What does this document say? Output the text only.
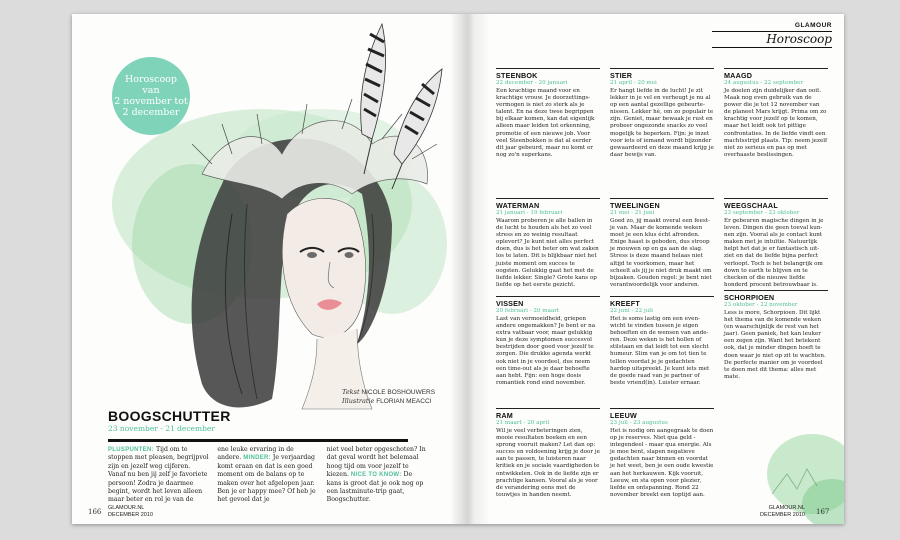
Horoscoop
van
2 november tot
2 december
Tekst NICOLE BOSHOUWERS
Illustratie FLORIAN MEACCI
BOOGSCHUTTER
23 november - 21 december
PLUSPUNTEN: Tijd om te stoppen met pleasen, begrijpvol zijn en jezelf weg cijferen. Vanaf nu ben jij zelf je favoriete persoon! Zodra je daarmee begint, wordt het leven alleen maar beter en rol je van de
ene leuke ervaring in de andere. MINDER: Je verjaardag komt eraan en dat is een goed moment om de balans op te maken over het afgelopen jaar. Ben je er happy mee? Of heb je het gevoel dat je
niet veel beter opgeschoten? In dat geval wordt het belemaal hoog tijd om voor jezelf te kiezen. NICE TO KNOW: De kans is groot dat je ook nog op een lastminute-trip gaat, Boogschutter.
166 GLAMOUR.NL
DECEMBER 2010
GLAMOUR
Horoscoop
STEENBOK
22 december - 20 januari

Een krachtige maand voor en krachtige vrouw. Je doorzettings-vermogen is niet zo sterk als je talent. En na deze twee begrippen bij elkaar komen, kan dat eigenlijk alleen maar leiden tot erkenning, promotie of een nieuwe job. Voor veel Steenbokken is dat al eerder dit jaar gebeurd, maar nu komt er nog zo'n superkans.

STIER
21 april - 20 mei

Er hangt liefde in de lucht! Je zit lekker in je vel en verheugt je nu al op een aantal gezellige gebeurte-nissen. Lekker hè, om zo populair te zijn. Geniet, maar bewaak je rust en probeer ongezonde snacks zo veel mogelijk te beperken. Fijn: je inzet voor iets of iemand wordt bijzonder gewaardeerd en deze maand krijg je daar bewijs van.

MAAGD
24 augustus - 22 september

Je doelen zijn duidelijker dan ooit. Maak nog even gebruik van de power die je tot 12 november van de planeet Mars krijgt. Prima om zo krachtig voor jezelf op te komen, maar het leidt ook tot pittige confrontaties. In de liefde vindt een machtsstrijd plaats. Tip: neem jezelf niet zo serieus en pas op met overhaaste beslissingen.

WATERMAN
21 januari - 19 februari

Waarom proberen je alle ballen in de lucht te houden als het zo veel stress en zo weinig resultaat oplevert? Je kunt niet alles perfect doen, dus is het beter om wat zaken los te laten. Dit is blijkbaar niet het juiste moment om succes te oogsten. Gelukkig gaat het met de liefde lekker. Single? Grote kans op liefde op het eerste gezicht.

TWEELINGEN
21 mei - 21 juni

Goed zo, jij maakt overal een feest-je van. Maar de komende weken moet je een klus écht afronden. Enige haast is geboden, dus stroop je mouwen op en ga aan de slag. Stress is deze maand helaas niet altijd te voorkomen, maar het scheelt als jij je niet druk maakt om bijzaken. Gouden regel: je bent niet verantwoordelijk voor anderen.

WEEGSCHAAL
23 september - 23 oktober

Er gebeuren magische dingen in je leven. Dingen die geen toeval kun-nen zijn. Vooral als je contact kunt maken met je intuïtie. Natuurlijk helpt het dat je er fantastisch uit-ziet en dat de liefde bijna perfect verloopt. Toch is het belangrijk om down to earth te blijven en te checken of die nieuwe liefde honderd procent betrouwbaar is.

VISSEN
20 februari - 20 maart

Last van vermoeidheid, griepen andere ongemakken? Je bent er na extra vatbaar voor, maar gelukkig kun je deze symptomen succesvol bestrijden door goed voor jezelf te zorgen. Die drukke agenda werkt ook niet in je voordeel, dus neem een time-out als je daar behoefte aan hebt. Fijn: een hoge dosis romantiek rond eind november.

KREEFT
22 juni - 22 juli

Het is soms lastig om een even-wicht te vinden tussen je eigen behoeften en de wensen van ande-ren. Deze weken is het hollen of stilstaan en dat leidt tot een slecht humeur. Slim van je om tot tien te tellen voordat je je gedachten hardop uitspreekt. Je kunt iets met de goede raad van je partner of beste vriend(in). Luister ernaar.

SCHORPIOEN
23 oktober - 22 november

Less is more, Schorpioen. Dit lijkt het thema van de komende weken (en waarschijnlijk de rest van het jaar). Geen paniek, het kan leuker een zegen zijn. Want het betekent ook, dat je minder dingen hoeft te doen waar je niet op zit te wachten. De perfecte manier om je voordeel te doen met dit thema: alles met mate.

RAM
21 maart - 20 april

Wil je veel verbeteringen zien, mooie resultaten boeken en een sprong vooruit maken? Let dan op: succes en voldoening krijg je door je aan te passen, te luisteren naar kritiek en je sociale vaardigheden te ontwikkelen. Ook in de liefde zijn er prachtige kansen. Vooral als je voor de verandering eens met de touwtjes in handen neemt.

LEEUW
23 juli - 23 augustus

Het is nodig om aangegraak te doen op je reserves. Niet qua geld - integendeel - maar qua energie. Als je moe bent, slapen negatieve gedachten naar binnen en voordat je het weet, ben je een oude kwestie aan het herkauwen. Kijk vooruit, Leeuw, en sta open voor plezier, liefde en ontspanning. Rond 22 november breekt een toptijd aan.

GLAMOUR.NL
DECEMBER 2010 167
